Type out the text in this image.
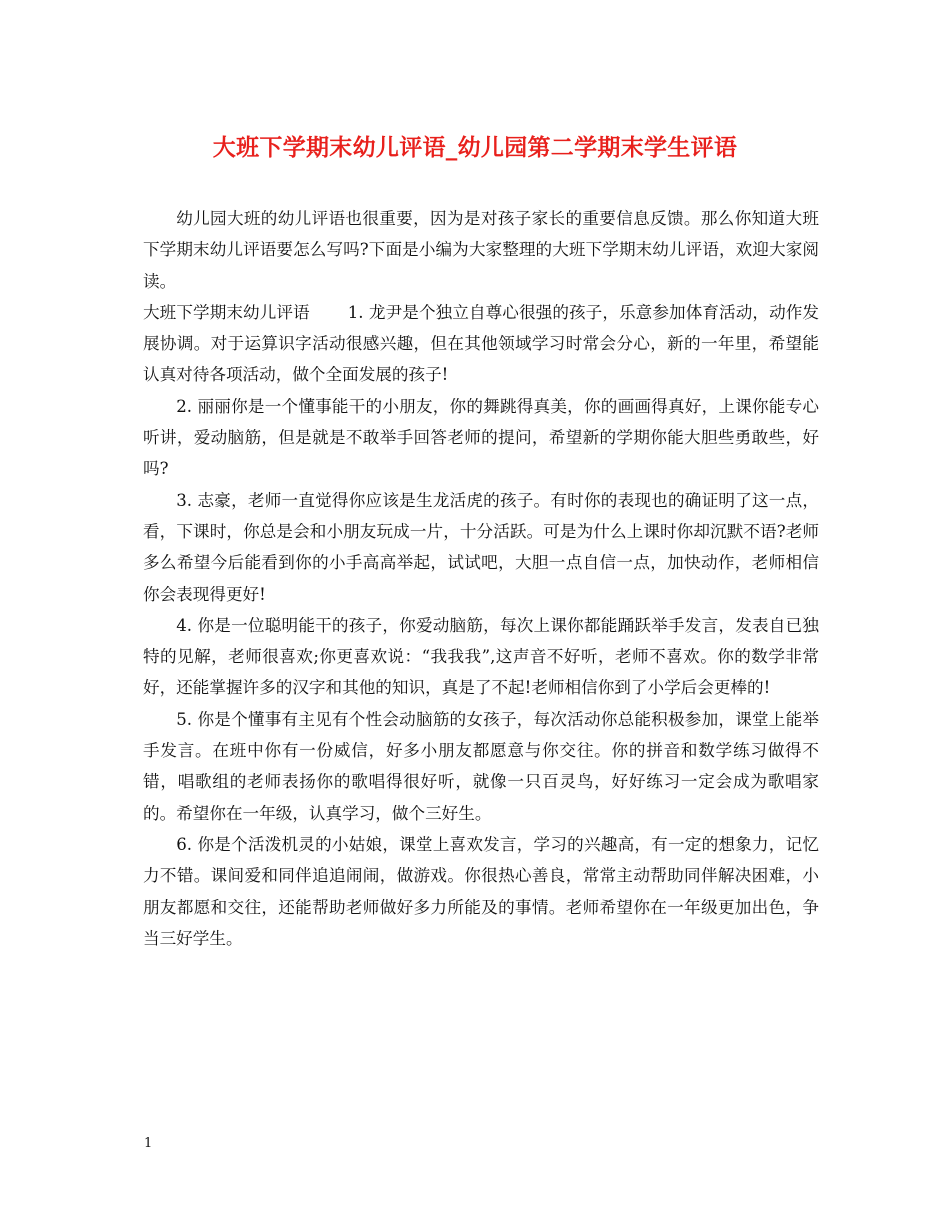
大班下学期末幼儿评语_幼儿园第二学期末学生评语

幼儿园大班的幼儿评语也很重要，因为是对孩子家长的重要信息反馈。那么你知道大班下学期末幼儿评语要怎么写吗?下面是小编为大家整理的大班下学期末幼儿评语，欢迎大家阅读。

大班下学期末幼儿评语 1. 龙尹是个独立自尊心很强的孩子，乐意参加体育活动，动作发展协调。对于运算识字活动很感兴趣，但在其他领域学习时常会分心，新的一年里，希望能认真对待各项活动，做个全面发展的孩子!

2. 丽丽你是一个懂事能干的小朋友，你的舞跳得真美，你的画画得真好，上课你能专心听讲，爱动脑筋，但是就是不敢举手回答老师的提问，希望新的学期你能大胆些勇敢些，好吗?

3. 志豪，老师一直觉得你应该是生龙活虎的孩子。有时你的表现也的确证明了这一点，看，下课时，你总是会和小朋友玩成一片，十分活跃。可是为什么上课时你却沉默不语?老师多么希望今后能看到你的小手高高举起，试试吧，大胆一点自信一点，加快动作，老师相信你会表现得更好!

4. 你是一位聪明能干的孩子，你爱动脑筋，每次上课你都能踊跃举手发言，发表自已独特的见解，老师很喜欢;你更喜欢说：“我我我”,这声音不好听，老师不喜欢。你的数学非常好，还能掌握许多的汉字和其他的知识，真是了不起!老师相信你到了小学后会更棒的!

5. 你是个懂事有主见有个性会动脑筋的女孩子，每次活动你总能积极参加，课堂上能举手发言。在班中你有一份威信，好多小朋友都愿意与你交往。你的拼音和数学练习做得不错，唱歌组的老师表扬你的歌唱得很好听，就像一只百灵鸟，好好练习一定会成为歌唱家的。希望你在一年级，认真学习，做个三好生。

6. 你是个活泼机灵的小姑娘，课堂上喜欢发言，学习的兴趣高，有一定的想象力，记忆力不错。课间爱和同伴追追闹闹，做游戏。你很热心善良，常常主动帮助同伴解决困难，小朋友都愿和交往，还能帮助老师做好多力所能及的事情。老师希望你在一年级更加出色，争当三好学生。

1
